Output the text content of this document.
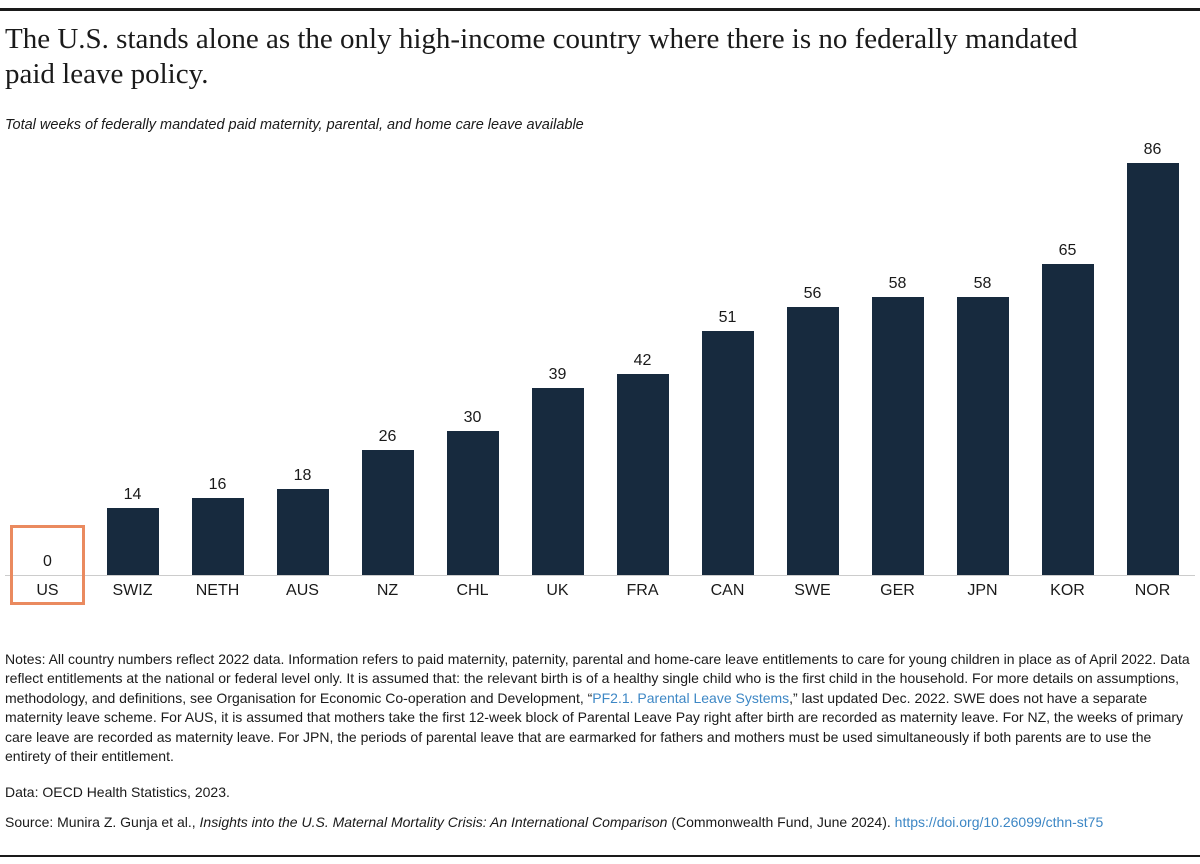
The U.S. stands alone as the only high-income country where there is no federally mandated paid leave policy.

Total weeks of federally mandated paid maternity, parental, and home care leave available

0
14
16
18
26
30
39
42
51
56
58	58
65
86
US	SWIZ	NETH	AUS	NZ	CHL	UK	FRA	CAN	SWE	GER	JPN	KOR	NOR

Notes: All country numbers reflect 2022 data. Information refers to paid maternity, paternity, parental and home-care leave entitlements to care for young children in place as of April 2022. Data reflect entitlements at the national or federal level only. It is assumed that: the relevant birth is of a healthy single child who is the first child in the household. For more details on assumptions, methodology, and definitions, see Organisation for Economic Co-operation and Development, “PF2.1. Parental Leave Systems,” last updated Dec. 2022. SWE does not have a separate maternity leave scheme. For AUS, it is assumed that mothers take the first 12-week block of Parental Leave Pay right after birth are recorded as maternity leave. For NZ, the weeks of primary care leave are recorded as maternity leave. For JPN, the periods of parental leave that are earmarked for fathers and mothers must be used simultaneously if both parents are to use the entirety of their entitlement.

Data: OECD Health Statistics, 2023.

Source: Munira Z. Gunja et al., Insights into the U.S. Maternal Mortality Crisis: An International Comparison (Commonwealth Fund, June 2024). https://doi.org/10.26099/cthn-st75
